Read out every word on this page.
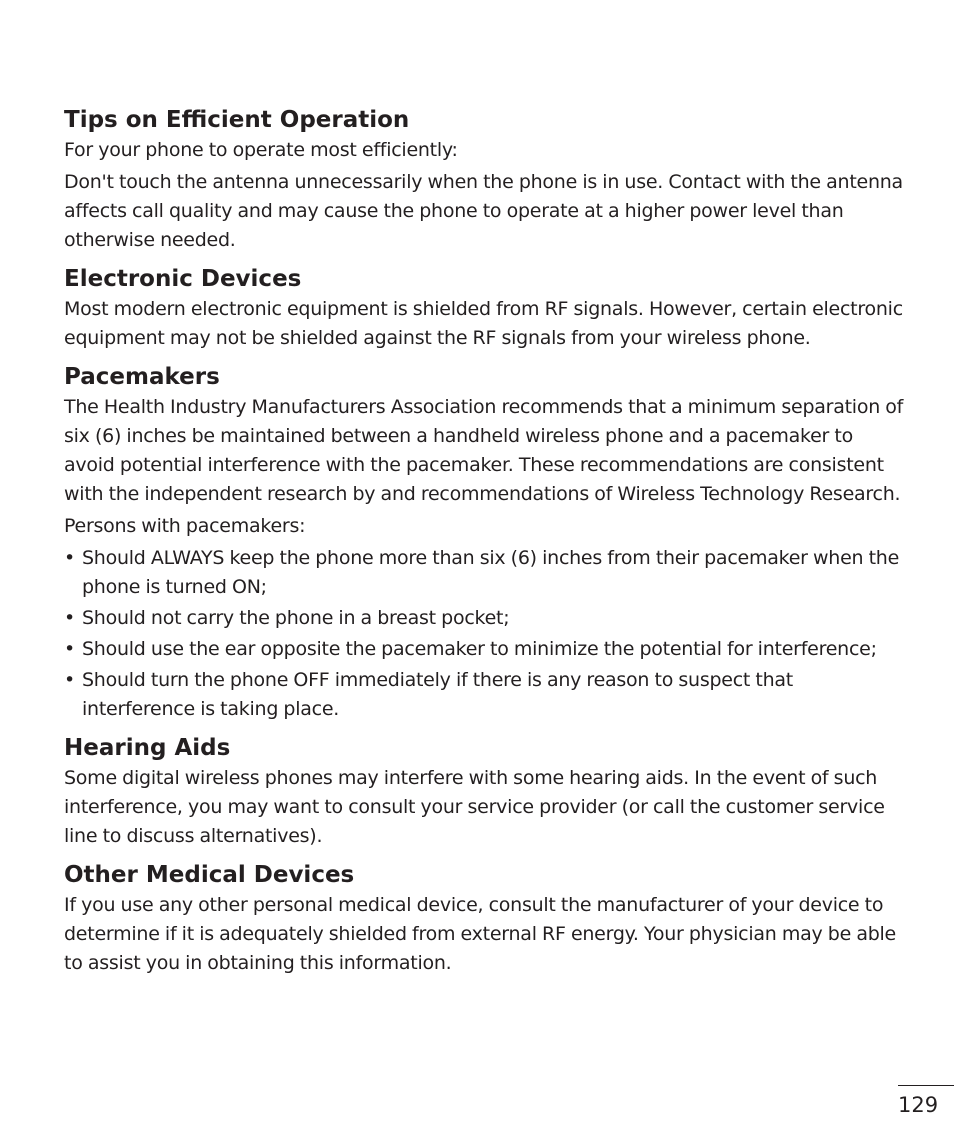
Tips on Efficient Operation

For your phone to operate most efficiently:

Don't touch the antenna unnecessarily when the phone is in use. Contact with the antenna affects call quality and may cause the phone to operate at a higher power level than otherwise needed.

Electronic Devices

Most modern electronic equipment is shielded from RF signals. However, certain electronic equipment may not be shielded against the RF signals from your wireless phone.

Pacemakers

The Health Industry Manufacturers Association recommends that a minimum separation of six (6) inches be maintained between a handheld wireless phone and a pacemaker to avoid potential interference with the pacemaker. These recommendations are consistent with the independent research by and recommendations of Wireless Technology Research.

Persons with pacemakers:

• Should ALWAYS keep the phone more than six (6) inches from their pacemaker when the phone is turned ON;
• Should not carry the phone in a breast pocket;
• Should use the ear opposite the pacemaker to minimize the potential for interference;
• Should turn the phone OFF immediately if there is any reason to suspect that interference is taking place.
Hearing Aids

Some digital wireless phones may interfere with some hearing aids. In the event of such interference, you may want to consult your service provider (or call the customer service line to discuss alternatives).

Other Medical Devices

If you use any other personal medical device, consult the manufacturer of your device to determine if it is adequately shielded from external RF energy. Your physician may be able to assist you in obtaining this information.

129
